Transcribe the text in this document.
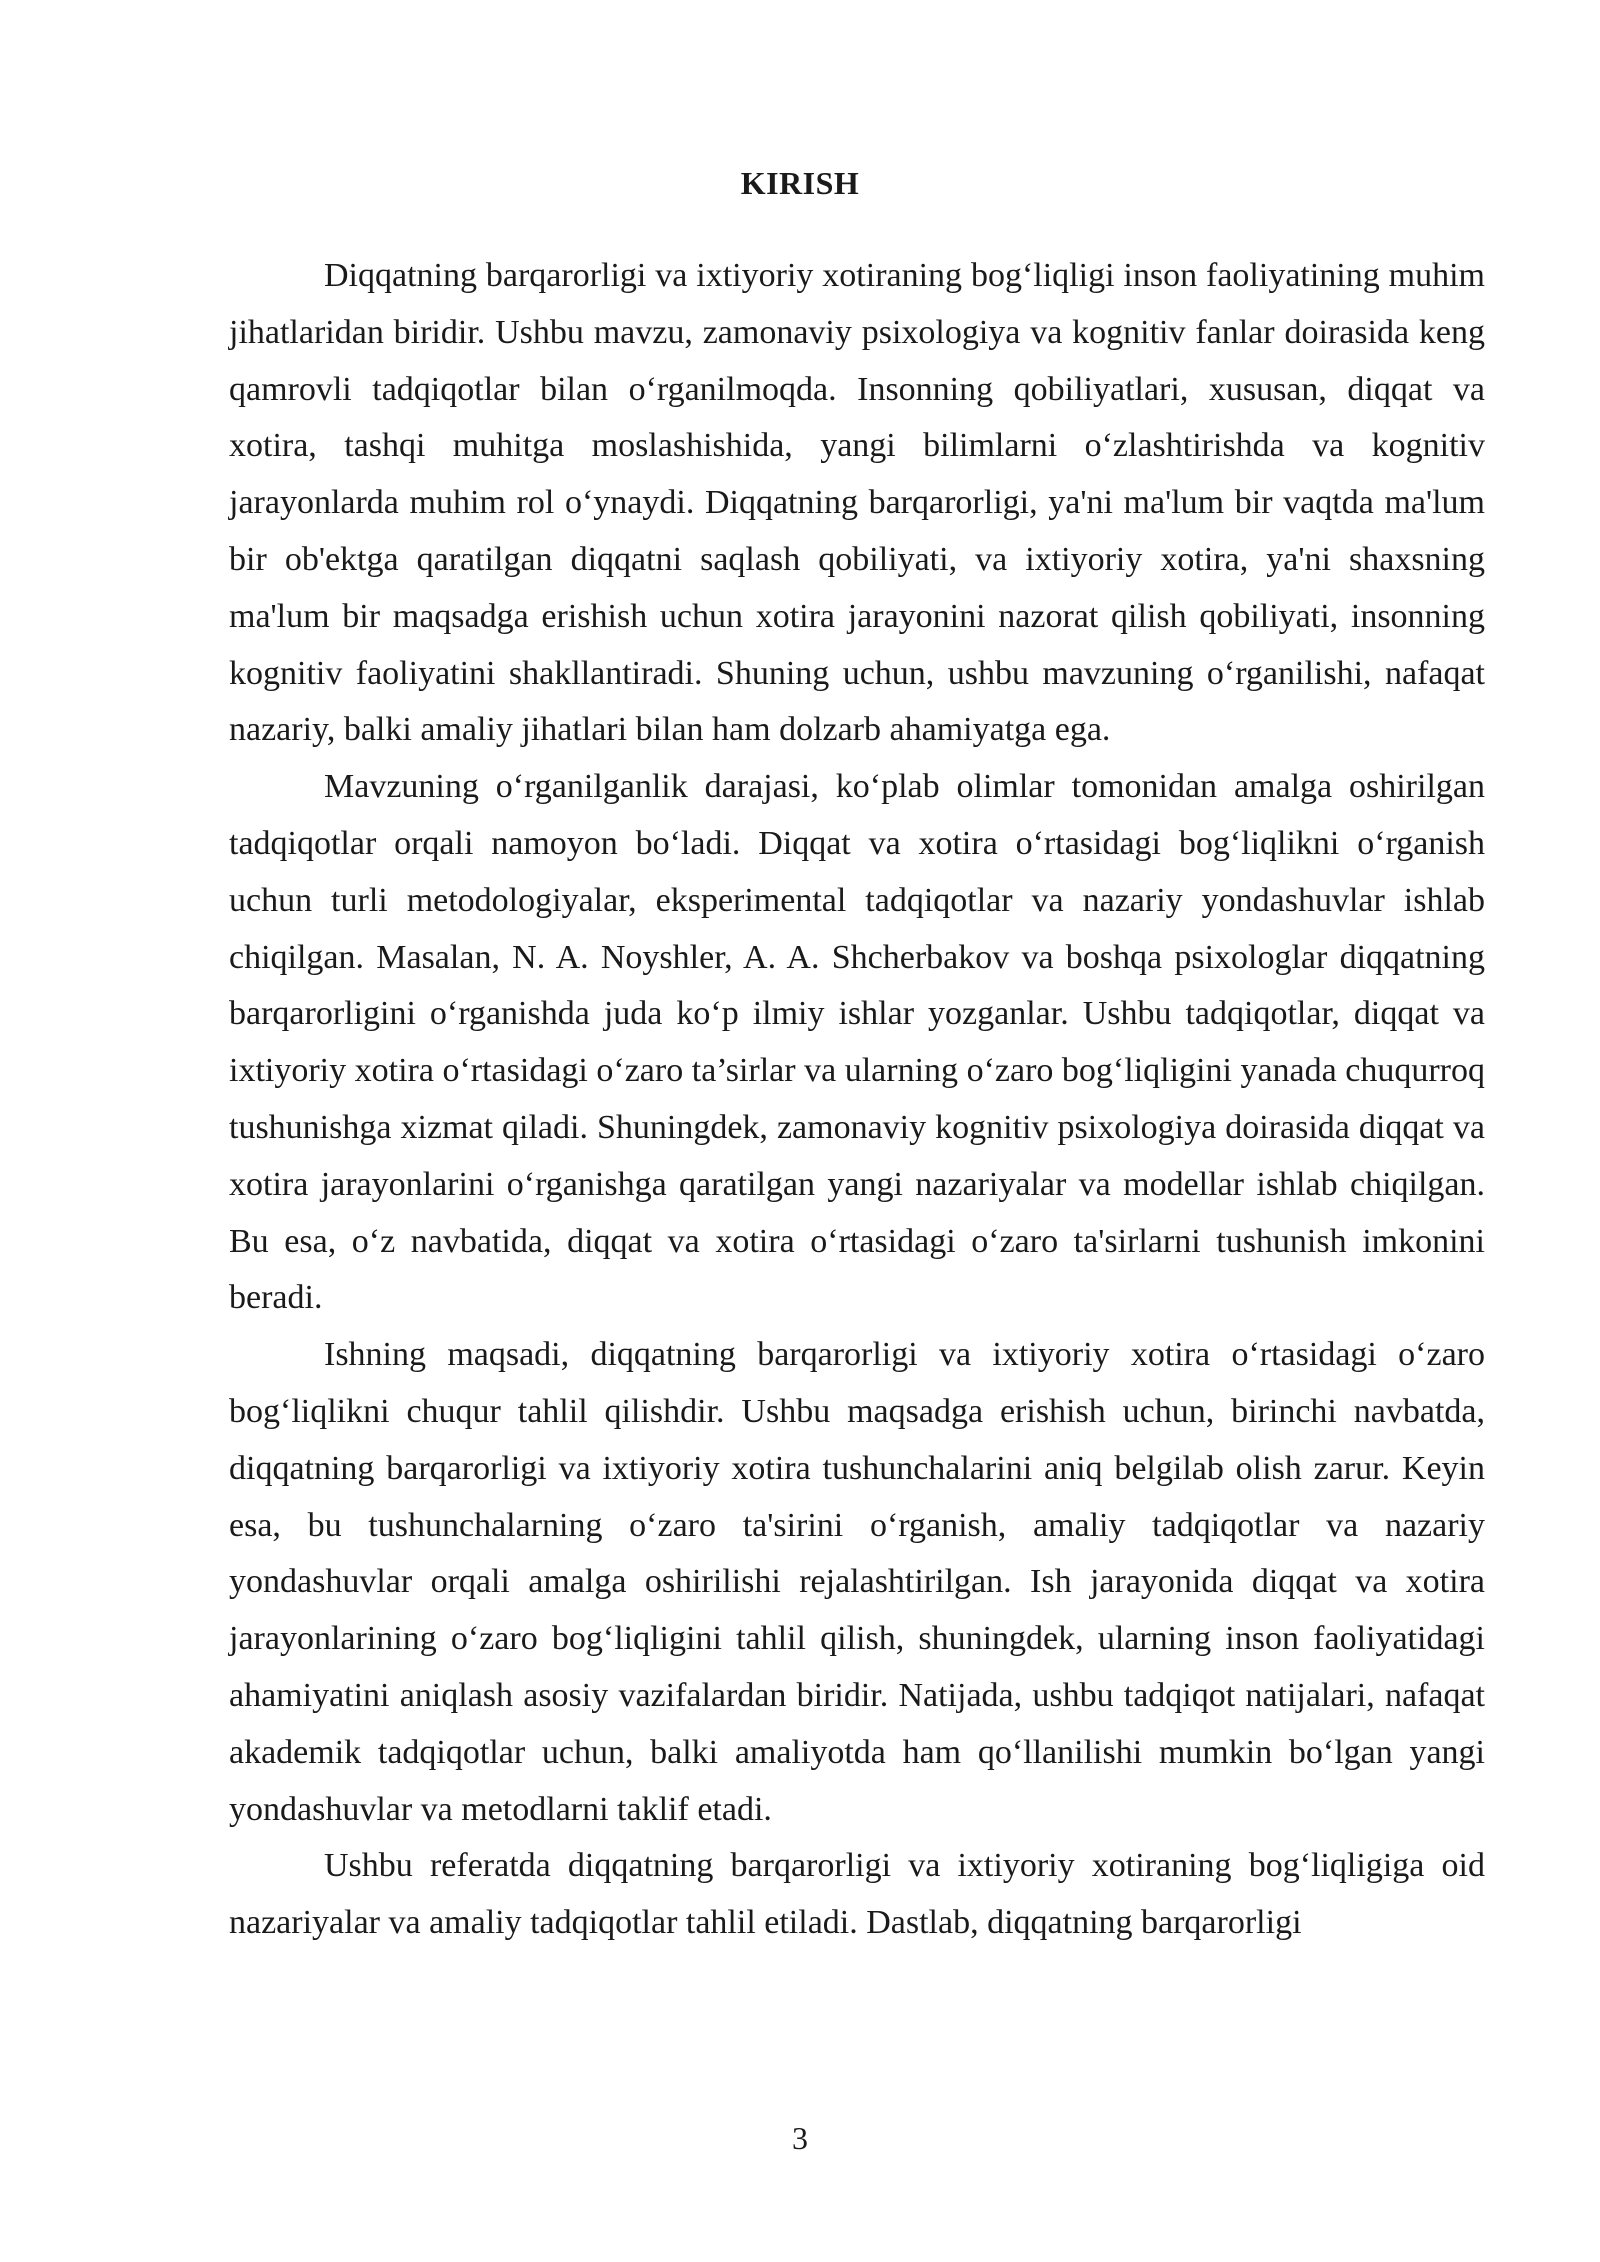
KIRISH

Diqqatning barqarorligi va ixtiyoriy xotiraning bog‘liqligi inson faoliyatining muhim jihatlaridan biridir. Ushbu mavzu, zamonaviy psixologiya va kognitiv fanlar doirasida keng qamrovli tadqiqotlar bilan o‘rganilmoqda. Insonning qobiliyatlari, xususan, diqqat va xotira, tashqi muhitga moslashishida, yangi bilimlarni o‘zlashtirishda va kognitiv jarayonlarda muhim rol o‘ynaydi. Diqqatning barqarorligi, ya'ni ma'lum bir vaqtda ma'lum bir ob'ektga qaratilgan diqqatni saqlash qobiliyati, va ixtiyoriy xotira, ya'ni shaxsning ma'lum bir maqsadga erishish uchun xotira jarayonini nazorat qilish qobiliyati, insonning kognitiv faoliyatini shakllantiradi. Shuning uchun, ushbu mavzuning o‘rganilishi, nafaqat nazariy, balki amaliy jihatlari bilan ham dolzarb ahamiyatga ega.

Mavzuning o‘rganilganlik darajasi, ko‘plab olimlar tomonidan amalga oshirilgan tadqiqotlar orqali namoyon bo‘ladi. Diqqat va xotira o‘rtasidagi bog‘liqlikni o‘rganish uchun turli metodologiyalar, eksperimental tadqiqotlar va nazariy yondashuvlar ishlab chiqilgan. Masalan, N. A. Noyshler, A. A. Shcherbakov va boshqa psixologlar diqqatning barqarorligini o‘rganishda juda ko‘p ilmiy ishlar yozganlar. Ushbu tadqiqotlar, diqqat va ixtiyoriy xotira o‘rtasidagi o‘zaro ta’sirlar va ularning o‘zaro bog‘liqligini yanada chuqurroq tushunishga xizmat qiladi. Shuningdek, zamonaviy kognitiv psixologiya doirasida diqqat va xotira jarayonlarini o‘rganishga qaratilgan yangi nazariyalar va modellar ishlab chiqilgan. Bu esa, o‘z navbatida, diqqat va xotira o‘rtasidagi o‘zaro ta'sirlarni tushunish imkonini beradi.

Ishning maqsadi, diqqatning barqarorligi va ixtiyoriy xotira o‘rtasidagi o‘zaro bog‘liqlikni chuqur tahlil qilishdir. Ushbu maqsadga erishish uchun, birinchi navbatda, diqqatning barqarorligi va ixtiyoriy xotira tushunchalarini aniq belgilab olish zarur. Keyin esa, bu tushunchalarning o‘zaro ta'sirini o‘rganish, amaliy tadqiqotlar va nazariy yondashuvlar orqali amalga oshirilishi rejalashtirilgan. Ish jarayonida diqqat va xotira jarayonlarining o‘zaro bog‘liqligini tahlil qilish, shuningdek, ularning inson faoliyatidagi ahamiyatini aniqlash asosiy vazifalardan biridir. Natijada, ushbu tadqiqot natijalari, nafaqat akademik tadqiqotlar uchun, balki amaliyotda ham qo‘llanilishi mumkin bo‘lgan yangi yondashuvlar va metodlarni taklif etadi.

Ushbu referatda diqqatning barqarorligi va ixtiyoriy xotiraning bog‘liqligiga oid nazariyalar va amaliy tadqiqotlar tahlil etiladi. Dastlab, diqqatning barqarorligi

3
